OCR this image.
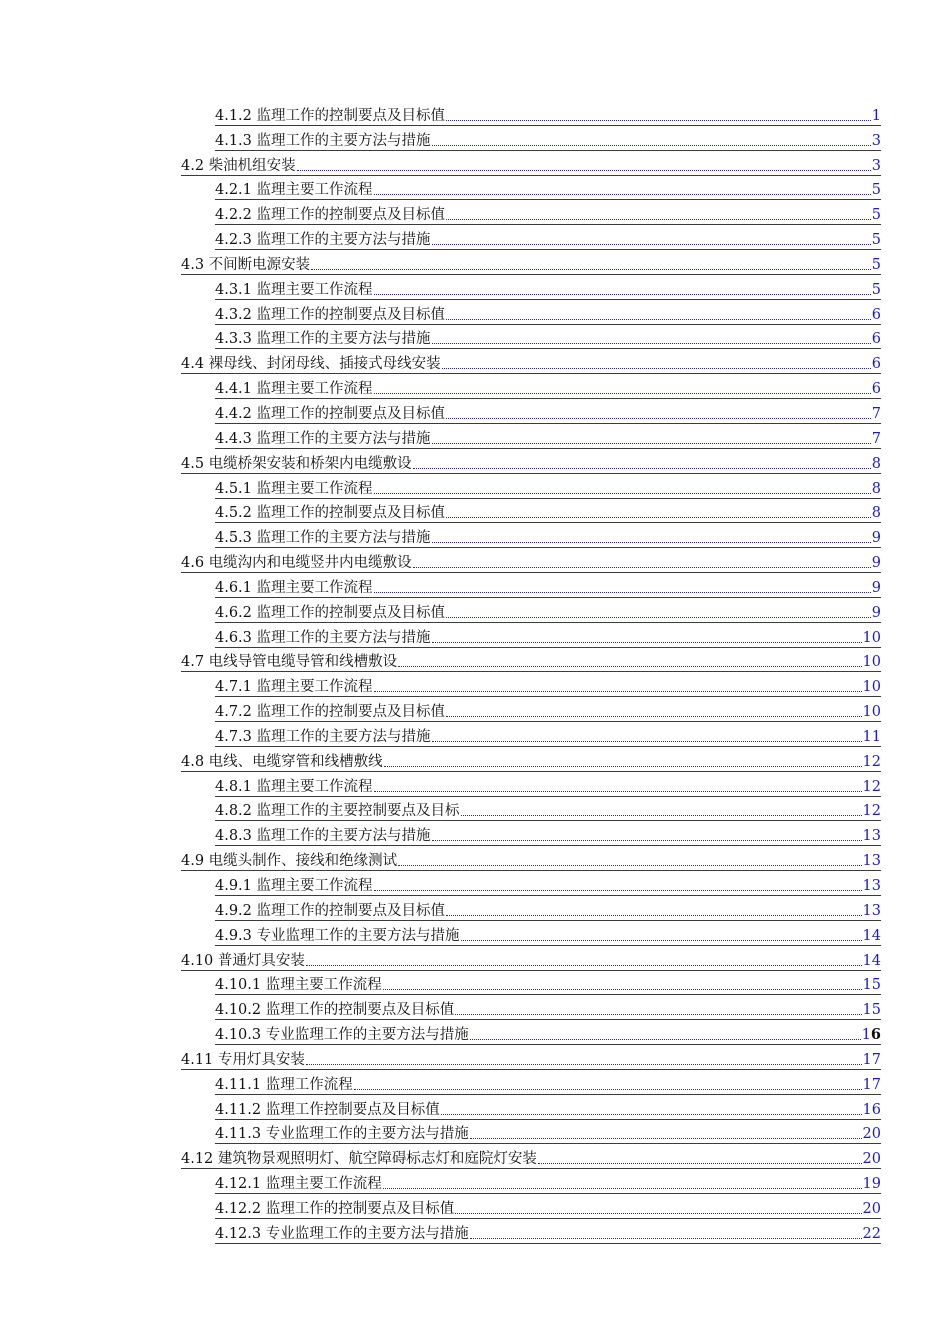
4.1.2 监理工作的控制要点及目标值	1
4.1.3 监理工作的主要方法与措施	3
4.2 柴油机组安装	3
4.2.1 监理主要工作流程	5
4.2.2 监理工作的控制要点及目标值	5
4.2.3 监理工作的主要方法与措施	5
4.3 不间断电源安装	5
4.3.1 监理主要工作流程	5
4.3.2 监理工作的控制要点及目标值	6
4.3.3 监理工作的主要方法与措施	6
4.4 裸母线、封闭母线、插接式母线安装	6
4.4.1 监理主要工作流程	6
4.4.2 监理工作的控制要点及目标值	7
4.4.3 监理工作的主要方法与措施	7
4.5 电缆桥架安装和桥架内电缆敷设	8
4.5.1 监理主要工作流程	8
4.5.2 监理工作的控制要点及目标值	8
4.5.3 监理工作的主要方法与措施	9
4.6 电缆沟内和电缆竖井内电缆敷设	9
4.6.1 监理主要工作流程	9
4.6.2 监理工作的控制要点及目标值	9
4.6.3 监理工作的主要方法与措施	10
4.7 电线导管电缆导管和线槽敷设	10
4.7.1 监理主要工作流程	10
4.7.2 监理工作的控制要点及目标值	10
4.7.3 监理工作的主要方法与措施	11
4.8 电线、电缆穿管和线槽敷线	12
4.8.1 监理主要工作流程	12
4.8.2 监理工作的主要控制要点及目标	12
4.8.3 监理工作的主要方法与措施	13
4.9 电缆头制作、接线和绝缘测试	13
4.9.1 监理主要工作流程	13
4.9.2 监理工作的控制要点及目标值	13
4.9.3 专业监理工作的主要方法与措施	14
4.10 普通灯具安装	14
4.10.1 监理主要工作流程	15
4.10.2 监理工作的控制要点及目标值	15
4.10.3 专业监理工作的主要方法与措施	16
4.11 专用灯具安装	17
4.11.1 监理工作流程	17
4.11.2 监理工作控制要点及目标值	16
4.11.3 专业监理工作的主要方法与措施	20
4.12 建筑物景观照明灯、航空障碍标志灯和庭院灯安装	20
4.12.1 监理主要工作流程	19
4.12.2 监理工作的控制要点及目标值	20
4.12.3 专业监理工作的主要方法与措施	22
